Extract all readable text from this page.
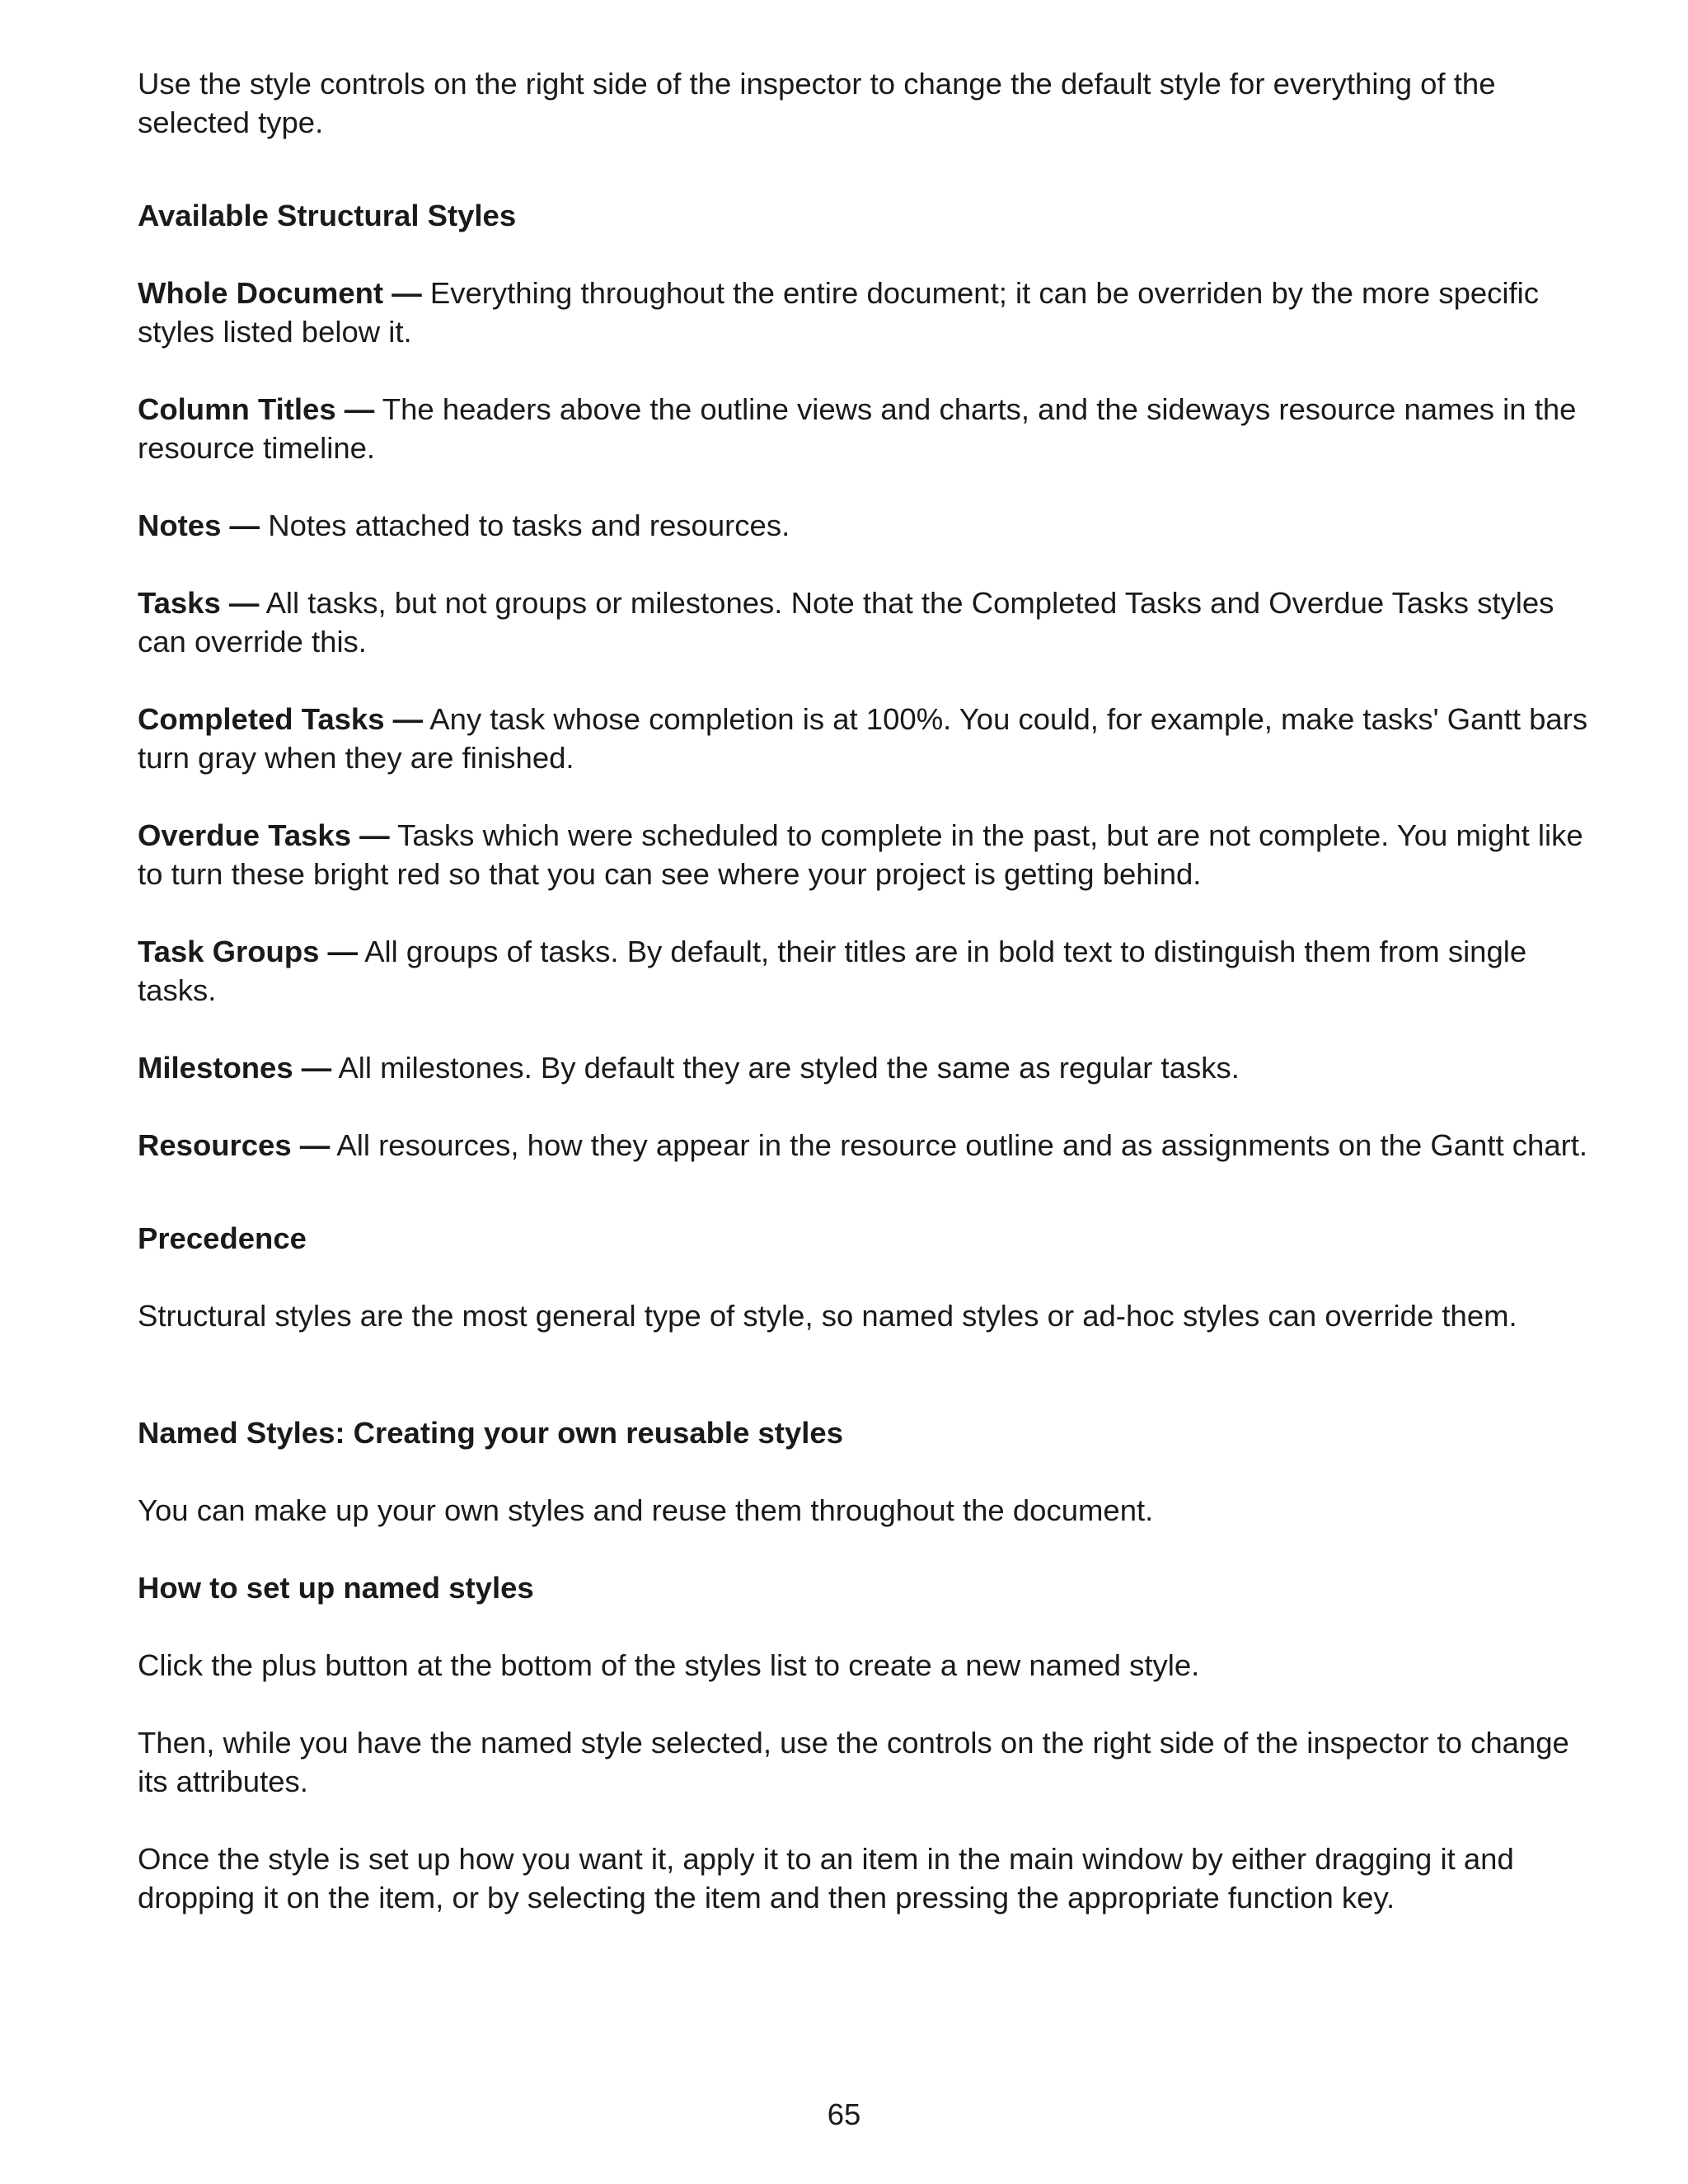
Use the style controls on the right side of the inspector to change the default style for everything of the selected type.

Available Structural Styles

Whole Document — Everything throughout the entire document; it can be overriden by the more specific styles listed below it.

Column Titles — The headers above the outline views and charts, and the sideways resource names in the resource timeline.

Notes — Notes attached to tasks and resources.

Tasks — All tasks, but not groups or milestones. Note that the Completed Tasks and Overdue Tasks styles can override this.

Completed Tasks — Any task whose completion is at 100%. You could, for example, make tasks' Gantt bars turn gray when they are finished.

Overdue Tasks — Tasks which were scheduled to complete in the past, but are not complete. You might like to turn these bright red so that you can see where your project is getting behind.

Task Groups — All groups of tasks. By default, their titles are in bold text to distinguish them from single tasks.

Milestones — All milestones. By default they are styled the same as regular tasks.

Resources — All resources, how they appear in the resource outline and as assignments on the Gantt chart.

Precedence

Structural styles are the most general type of style, so named styles or ad-hoc styles can override them.

Named Styles: Creating your own reusable styles

You can make up your own styles and reuse them throughout the document.

How to set up named styles

Click the plus button at the bottom of the styles list to create a new named style.

Then, while you have the named style selected, use the controls on the right side of the inspector to change its attributes.

Once the style is set up how you want it, apply it to an item in the main window by either dragging it and dropping it on the item, or by selecting the item and then pressing the appropriate function key.

65
